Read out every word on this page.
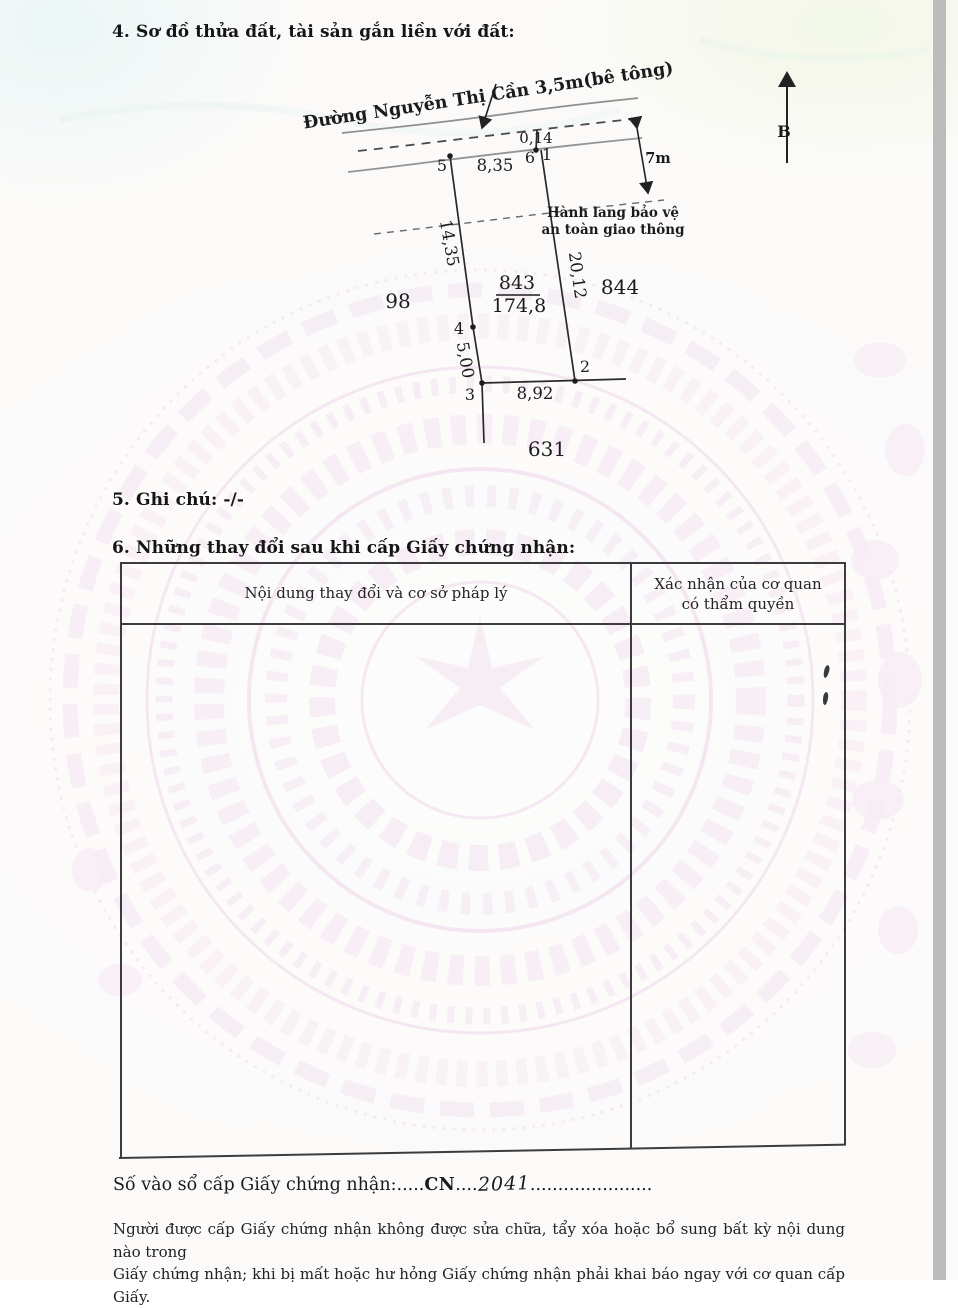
4. Sơ đồ thửa đất, tài sản gắn liền với đất:
Đường Nguyễn Thị Cần 3,5m(bê tông)
7m
Hành lang bảo vệ
an toàn giao thông
B
1
2
3
4
5	6
8,35
0,14
20,12
8,92
5,00
14,35
843
174,8
98
844
631
5. Ghi chú: -/-
6. Những thay đổi sau khi cấp Giấy chứng nhận:
Nội dung thay đổi và cơ sở pháp lý	Xác nhận của cơ quan
có thẩm quyền
Số vào sổ cấp Giấy chứng nhận:.....CN....2041......................
Người được cấp Giấy chứng nhận không được sửa chữa, tẩy xóa hoặc bổ sung bất kỳ nội dung nào trong
Giấy chứng nhận; khi bị mất hoặc hư hỏng Giấy chứng nhận phải khai báo ngay với cơ quan cấp Giấy.
